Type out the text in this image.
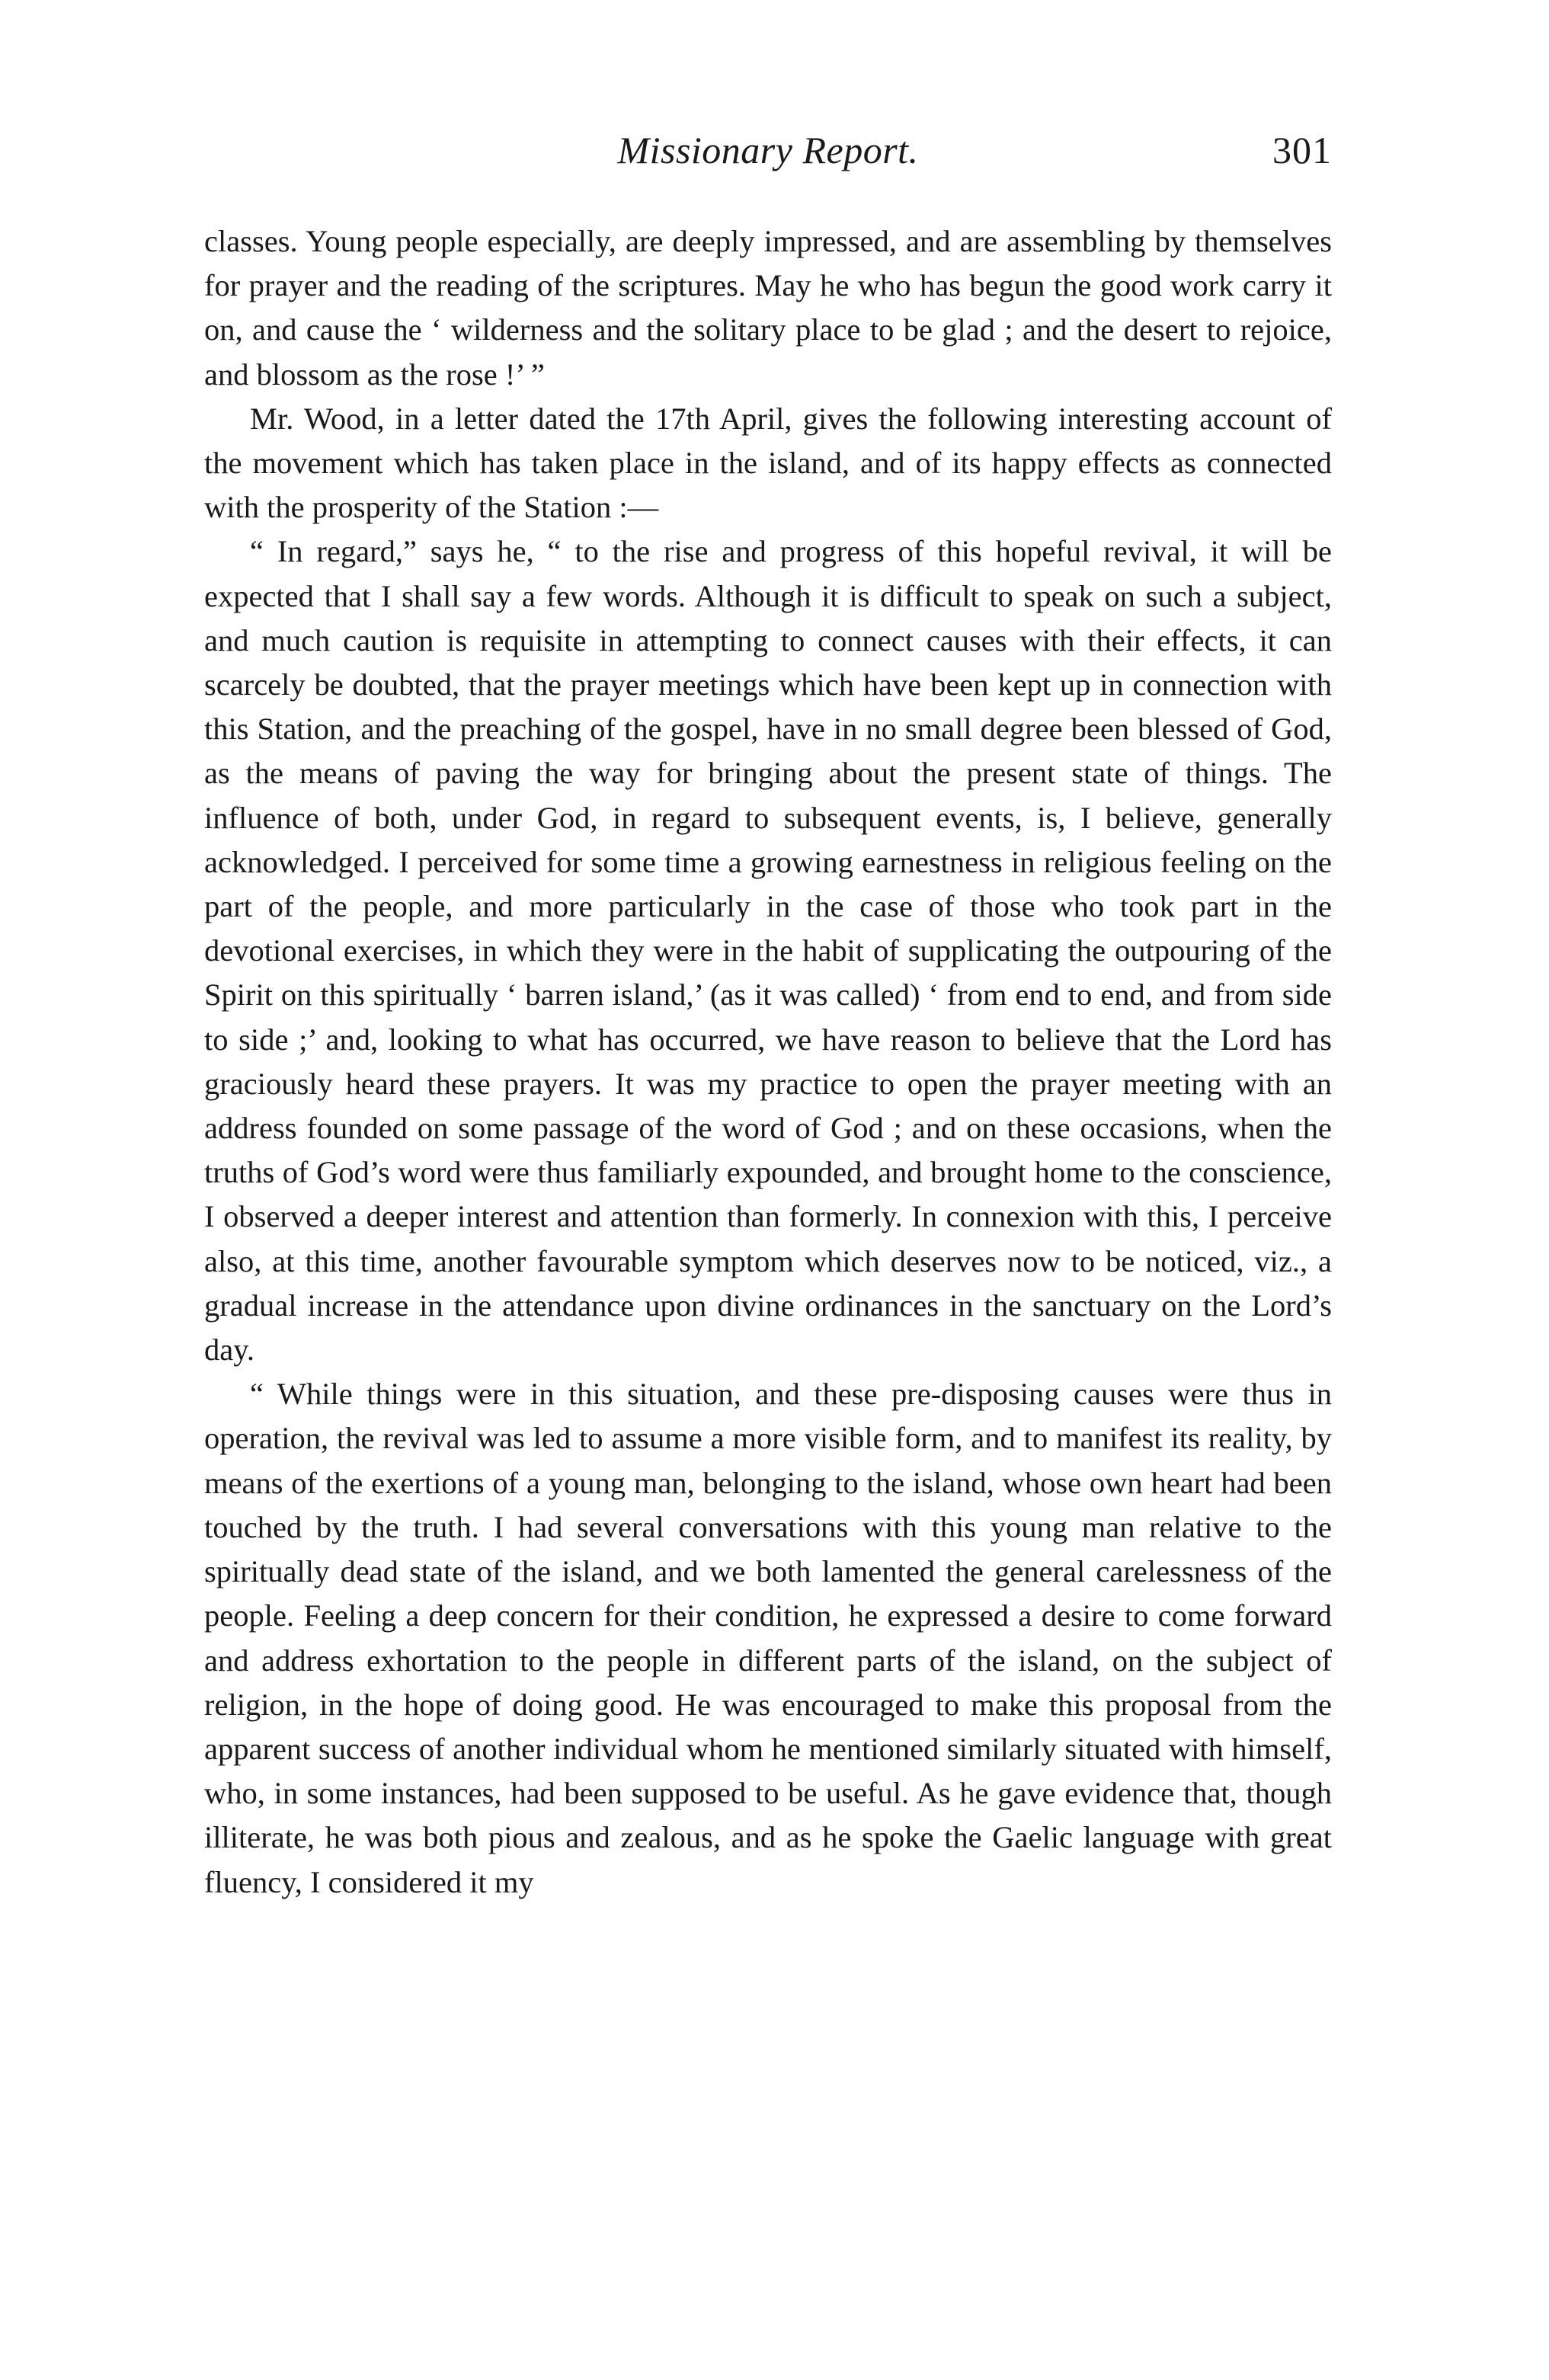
Missionary Report.	301

classes. Young people especially, are deeply impressed, and are assembling by themselves for prayer and the reading of the scriptures. May he who has begun the good work carry it on, and cause the ‘ wilderness and the solitary place to be glad ; and the desert to rejoice, and blossom as the rose !’ ”

Mr. Wood, in a letter dated the 17th April, gives the following interesting account of the movement which has taken place in the island, and of its happy effects as connected with the prosperity of the Station :—

“ In regard,” says he, “ to the rise and progress of this hopeful revival, it will be expected that I shall say a few words. Although it is difficult to speak on such a subject, and much caution is requisite in attempting to connect causes with their effects, it can scarcely be doubted, that the prayer meetings which have been kept up in connection with this Station, and the preaching of the gospel, have in no small degree been blessed of God, as the means of paving the way for bringing about the present state of things. The influence of both, under God, in regard to subsequent events, is, I believe, generally acknowledged. I perceived for some time a growing earnestness in religious feeling on the part of the people, and more particularly in the case of those who took part in the devotional exercises, in which they were in the habit of supplicating the outpouring of the Spirit on this spiritually ‘ barren island,’ (as it was called) ‘ from end to end, and from side to side ;’ and, looking to what has occurred, we have reason to believe that the Lord has graciously heard these prayers. It was my practice to open the prayer meeting with an address founded on some passage of the word of God ; and on these occasions, when the truths of God’s word were thus familiarly expounded, and brought home to the conscience, I observed a deeper interest and attention than formerly. In connexion with this, I perceive also, at this time, another favourable symptom which deserves now to be noticed, viz., a gradual increase in the attendance upon divine ordinances in the sanctuary on the Lord’s day.

“ While things were in this situation, and these pre-disposing causes were thus in operation, the revival was led to assume a more visible form, and to manifest its reality, by means of the exertions of a young man, belonging to the island, whose own heart had been touched by the truth. I had several conversations with this young man relative to the spiritually dead state of the island, and we both lamented the general carelessness of the people. Feeling a deep concern for their condition, he expressed a desire to come forward and address exhortation to the people in different parts of the island, on the subject of religion, in the hope of doing good. He was encouraged to make this proposal from the apparent success of another individual whom he mentioned similarly situated with himself, who, in some instances, had been supposed to be useful. As he gave evidence that, though illiterate, he was both pious and zealous, and as he spoke the Gaelic language with great fluency, I considered it my
